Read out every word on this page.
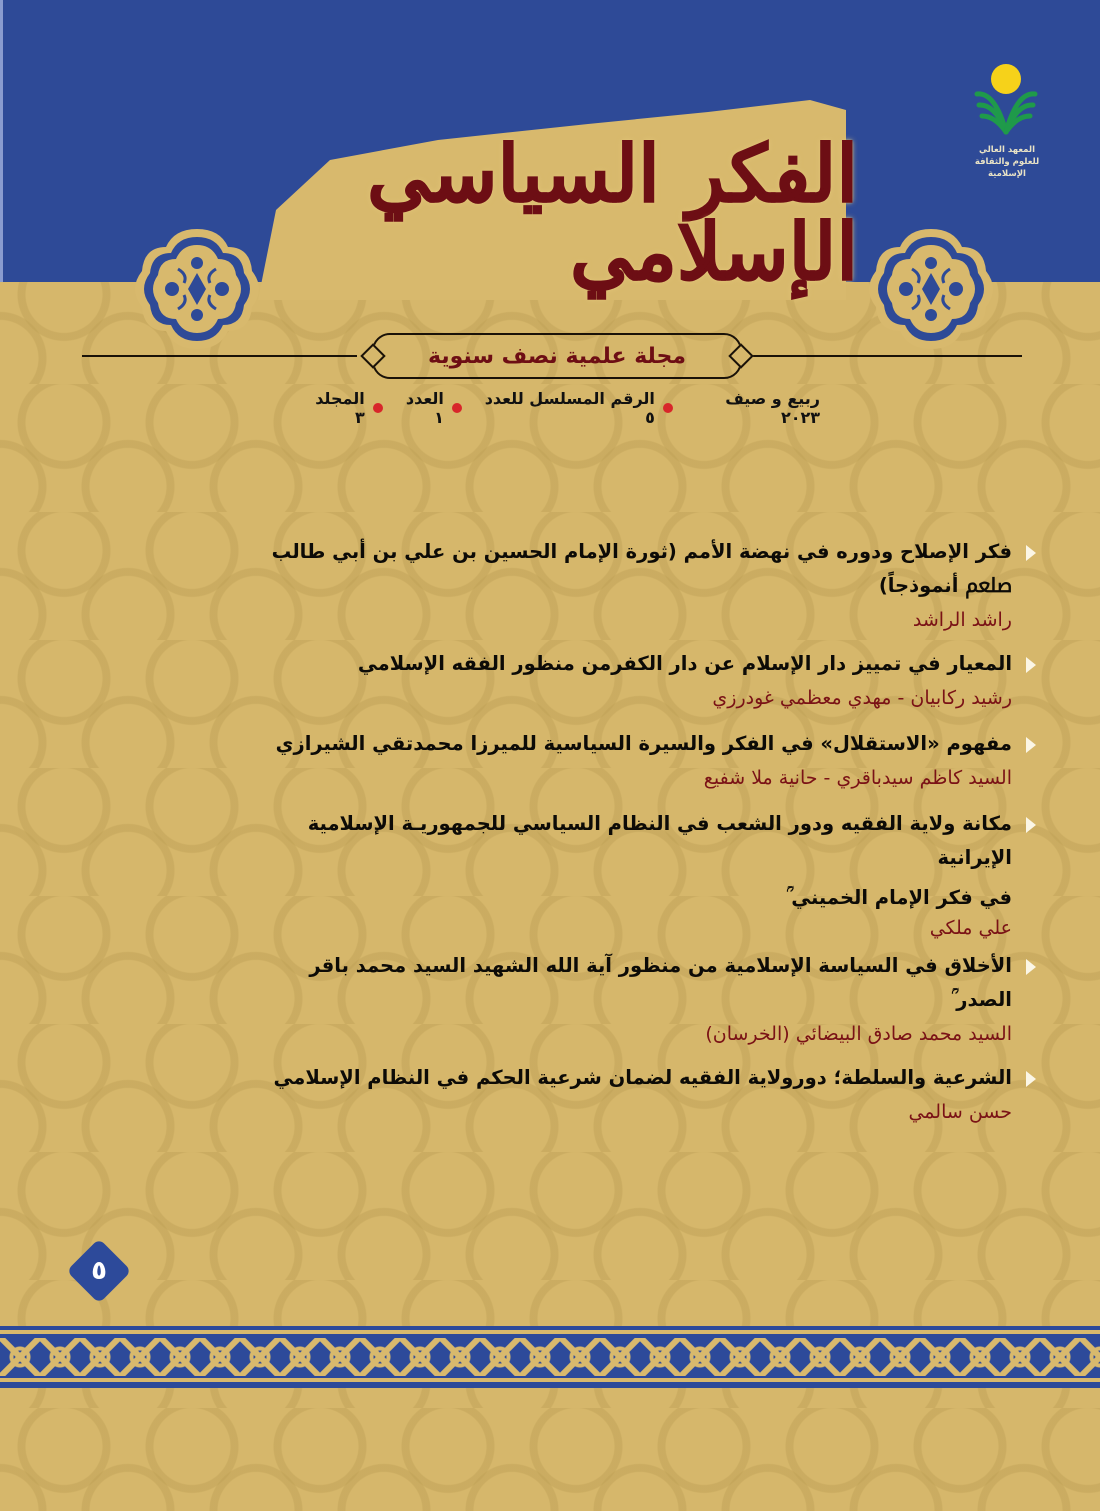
المعهد العالي
للعلوم والثقافة الإسلامية
الفكر السياسي الإسلامي
مجلة علمية نصف سنوية
المجلد ٣
العدد ١
الرقم المسلسل للعدد ٥
ربيع و صيف ٢٠٢٣
فكر الإصلاح ودوره في نهضة الأمم (ثورة الإمام الحسين بن علي بن أبي طالب ﷵ أنموذجاً)
راشد الراشد
المعيار في تمييز دار الإسلام عن دار الكفرمن منظور الفقه الإسلامي
رشيد ركابيان - مهدي معظمي غودرزي
مفهوم «الاستقلال» في الفكر والسيرة السياسية للميرزا محمدتقي الشيرازي
السيد كاظم سيدباقري - حانية ملا شفيع
مكانة ولاية الفقيه ودور الشعب في النظام السياسي للجمهوريـة الإسلامية الإيرانية
في فكر الإمام الخميني ؒ
علي ملكي
الأخلاق في السياسة الإسلامية من منظور آية الله الشهيد السيد محمد باقر الصدر ؒ
السيد محمد صادق البيضائي (الخرسان)
الشرعية والسلطة؛ دورولاية الفقيه لضمان شرعية الحكم في النظام الإسلامي
حسن سالمي
٥
